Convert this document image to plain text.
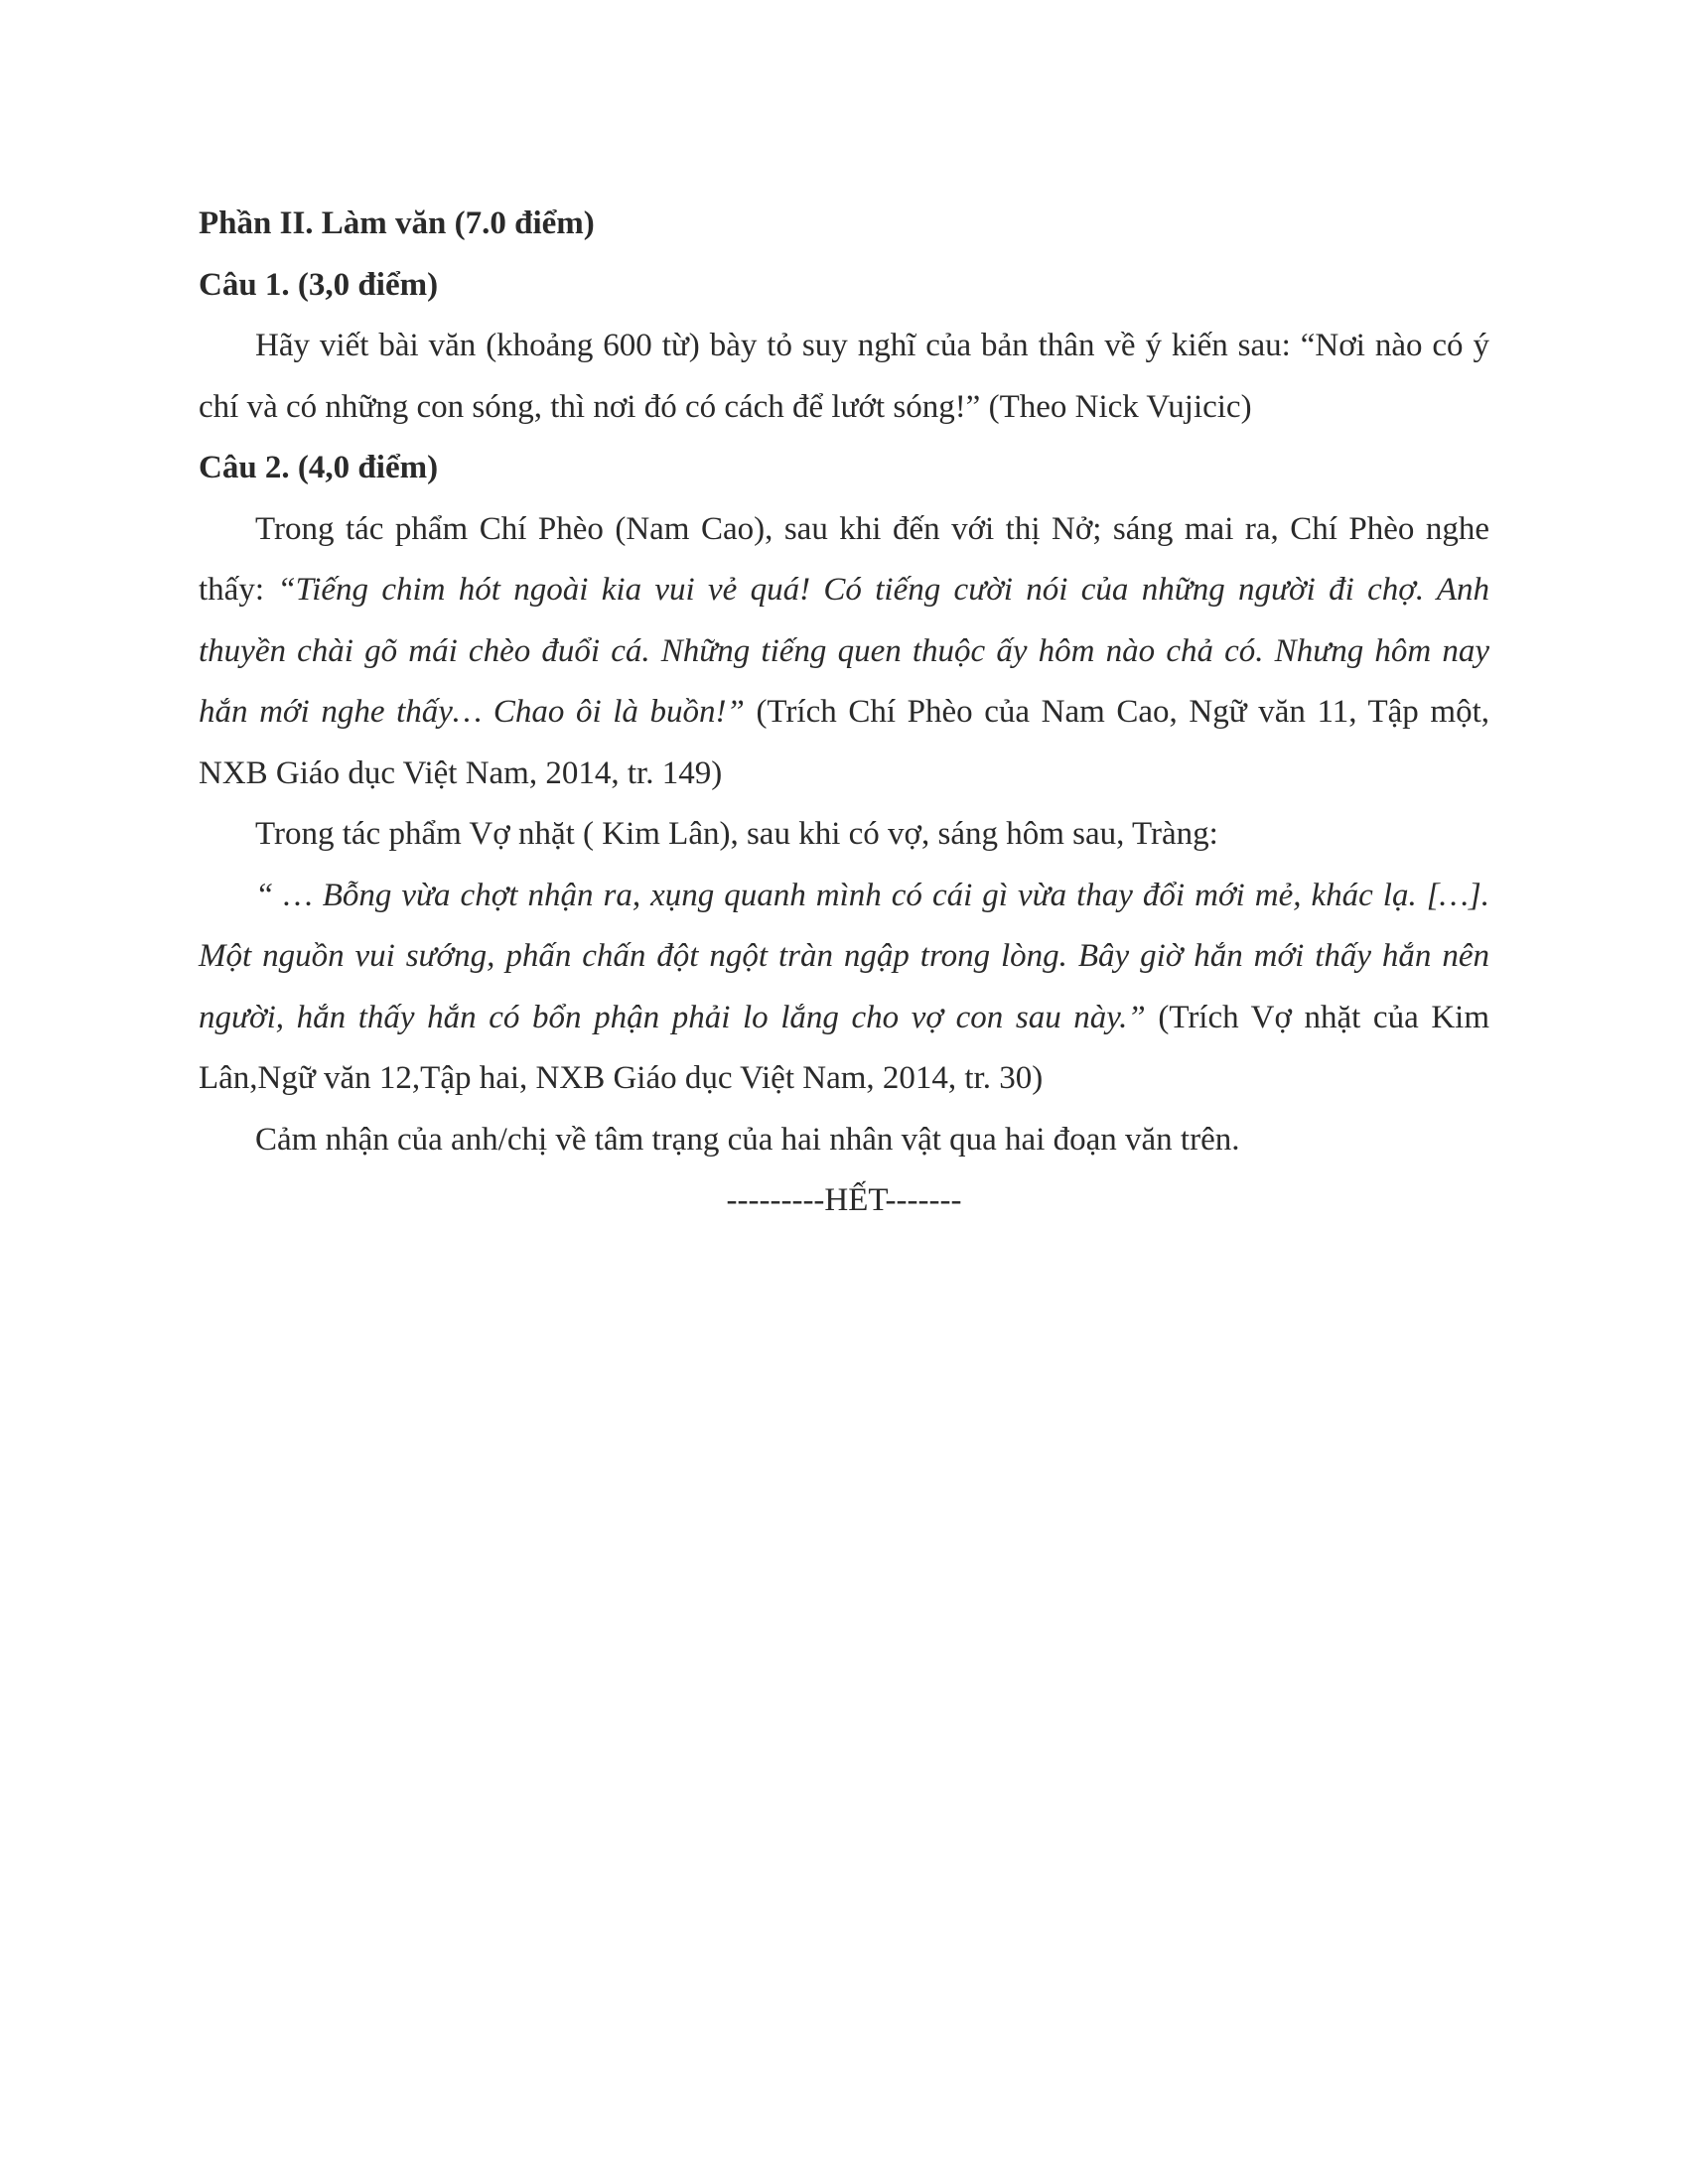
Phần II. Làm văn (7.0 điểm)

Câu 1. (3,0 điểm)

Hãy viết bài văn (khoảng 600 từ) bày tỏ suy nghĩ của bản thân về ý kiến sau: “Nơi nào có ý chí và có những con sóng, thì nơi đó có cách để lướt sóng!” (Theo Nick Vujicic)

Câu 2. (4,0 điểm)

Trong tác phẩm Chí Phèo (Nam Cao), sau khi đến với thị Nở; sáng mai ra, Chí Phèo nghe thấy: “Tiếng chim hót ngoài kia vui vẻ quá! Có tiếng cười nói của những người đi chợ. Anh thuyền chài gõ mái chèo đuổi cá. Những tiếng quen thuộc ấy hôm nào chả có. Nhưng hôm nay hắn mới nghe thấy… Chao ôi là buồn!” (Trích Chí Phèo của Nam Cao, Ngữ văn 11, Tập một, NXB Giáo dục Việt Nam, 2014, tr. 149)

Trong tác phẩm Vợ nhặt ( Kim Lân), sau khi có vợ, sáng hôm sau, Tràng:

“ … Bỗng vừa chợt nhận ra, xụng quanh mình có cái gì vừa thay đổi mới mẻ, khác lạ. […]. Một nguồn vui sướng, phấn chấn đột ngột tràn ngập trong lòng. Bây giờ hắn mới thấy hắn nên người, hắn thấy hắn có bổn phận phải lo lắng cho vợ con sau này.” (Trích Vợ nhặt của Kim Lân,Ngữ văn 12,Tập hai, NXB Giáo dục Việt Nam, 2014, tr. 30)

Cảm nhận của anh/chị về tâm trạng của hai nhân vật qua hai đoạn văn trên.

---------HẾT-------
